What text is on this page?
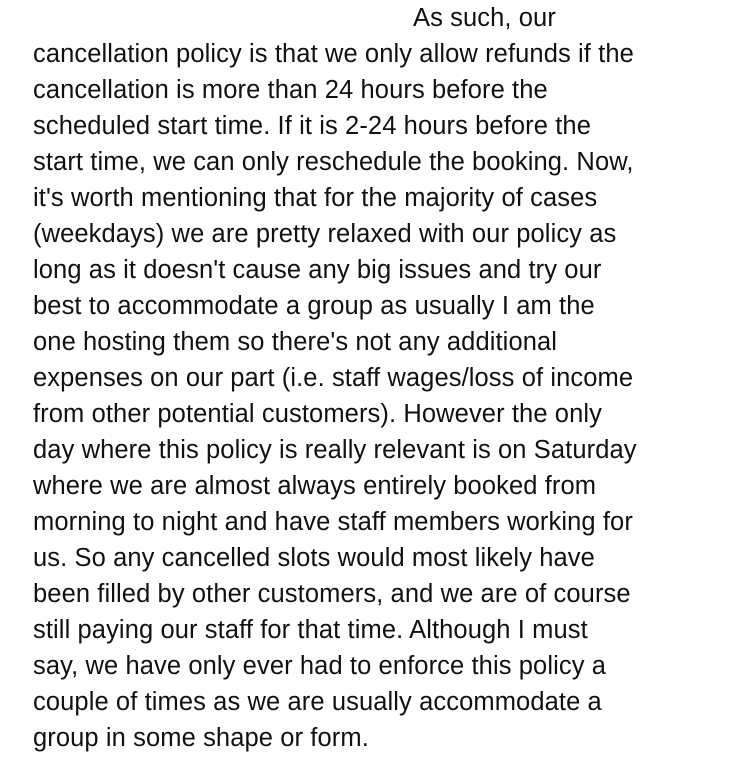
As such, our
cancellation policy is that we only allow refunds if the
cancellation is more than 24 hours before the
scheduled start time. If it is 2-24 hours before the
start time, we can only reschedule the booking. Now,
it's worth mentioning that for the majority of cases
(weekdays) we are pretty relaxed with our policy as
long as it doesn't cause any big issues and try our
best to accommodate a group as usually I am the
one hosting them so there's not any additional
expenses on our part (i.e. staff wages/loss of income
from other potential customers). However the only
day where this policy is really relevant is on Saturday
where we are almost always entirely booked from
morning to night and have staff members working for
us. So any cancelled slots would most likely have
been filled by other customers, and we are of course
still paying our staff for that time. Although I must
say, we have only ever had to enforce this policy a
couple of times as we are usually accommodate a
group in some shape or form.
